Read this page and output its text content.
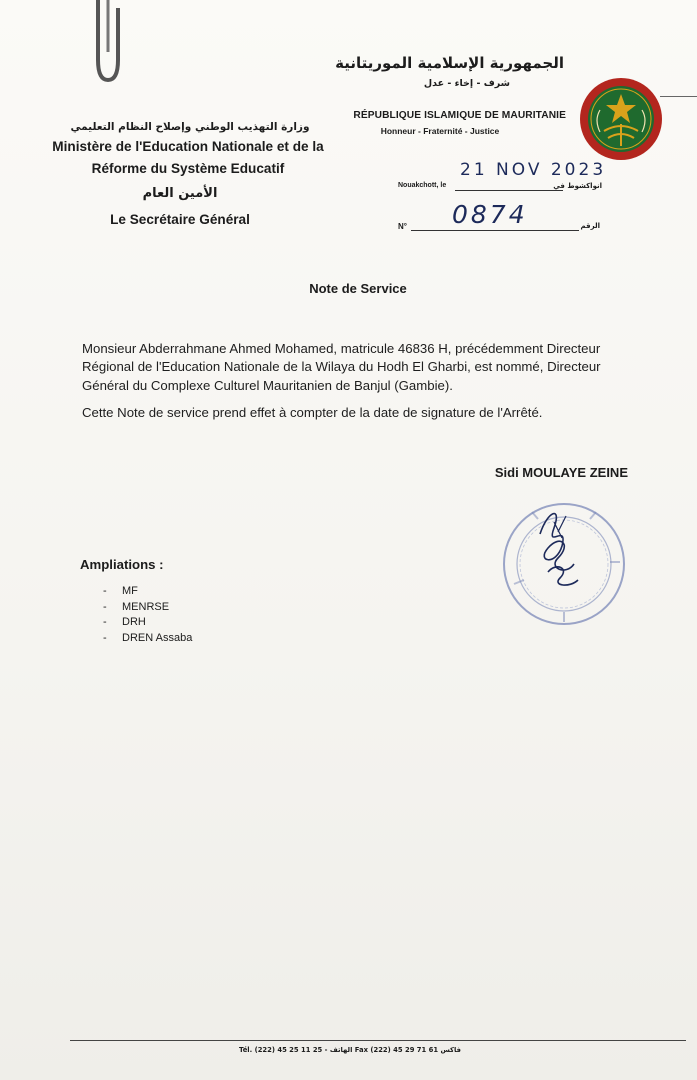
الجمهورية الإسلامية الموريتانية
شرف - إخاء - عدل
RÉPUBLIQUE ISLAMIQUE DE MAURITANIE
Honneur - Fraternité - Justice
وزارة التهذيب الوطني وإصلاح النظام التعليمي
Ministère de l'Education Nationale et de la
Réforme du Système Educatif
الأمين العام
Le Secrétaire Général
Nouakchott, le
21 NOV 2023
انواكشوط في
N° 0874	الرقم
Note de Service

Monsieur Abderrahmane Ahmed Mohamed, matricule 46836 H, précédemment Directeur Régional de l'Education Nationale de la Wilaya du Hodh El Gharbi, est nommé, Directeur Général du Complexe Culturel Mauritanien de Banjul (Gambie).

Cette Note de service prend effet à compter de la date de signature de l'Arrêté.

Sidi MOULAYE ZEINE
Ampliations :
- MF
- MENRSE
- DRH
- DREN Assaba
Tél. (222) 45 25 11 25 - الهاتف Fax (222) 45 29 71 61 فاكس
